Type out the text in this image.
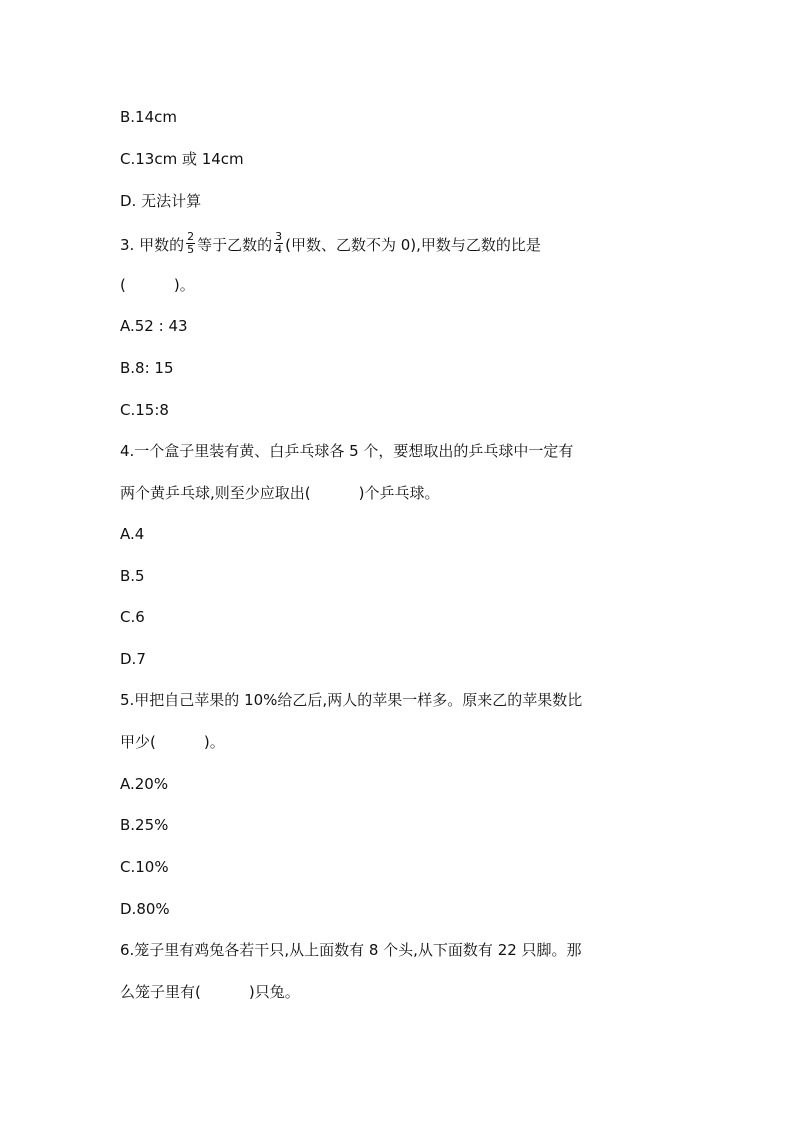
B.14cm
C.13cm 或 14cm
D. 无法计算
3. 甲数的 $\frac{2}{5}$ 等于乙数的 $\frac{3}{4}$ (甲数、乙数不为 0),甲数与乙数的比是
(	)。
A.52 : 43
B.8: 15
C.15:8
4.一个盒子里装有黄、白乒乓球各 5 个，要想取出的乒乓球中一定有
两个黄乒乓球,则至少应取出(	)个乒乓球。
A.4
B.5
C.6
D.7
5.甲把自己苹果的 10%给乙后,两人的苹果一样多。原来乙的苹果数比
甲少(	)。
A.20%
B.25%
C.10%
D.80%
6.笼子里有鸡兔各若干只,从上面数有 8 个头,从下面数有 22 只脚。那
么笼子里有(	)只兔。
